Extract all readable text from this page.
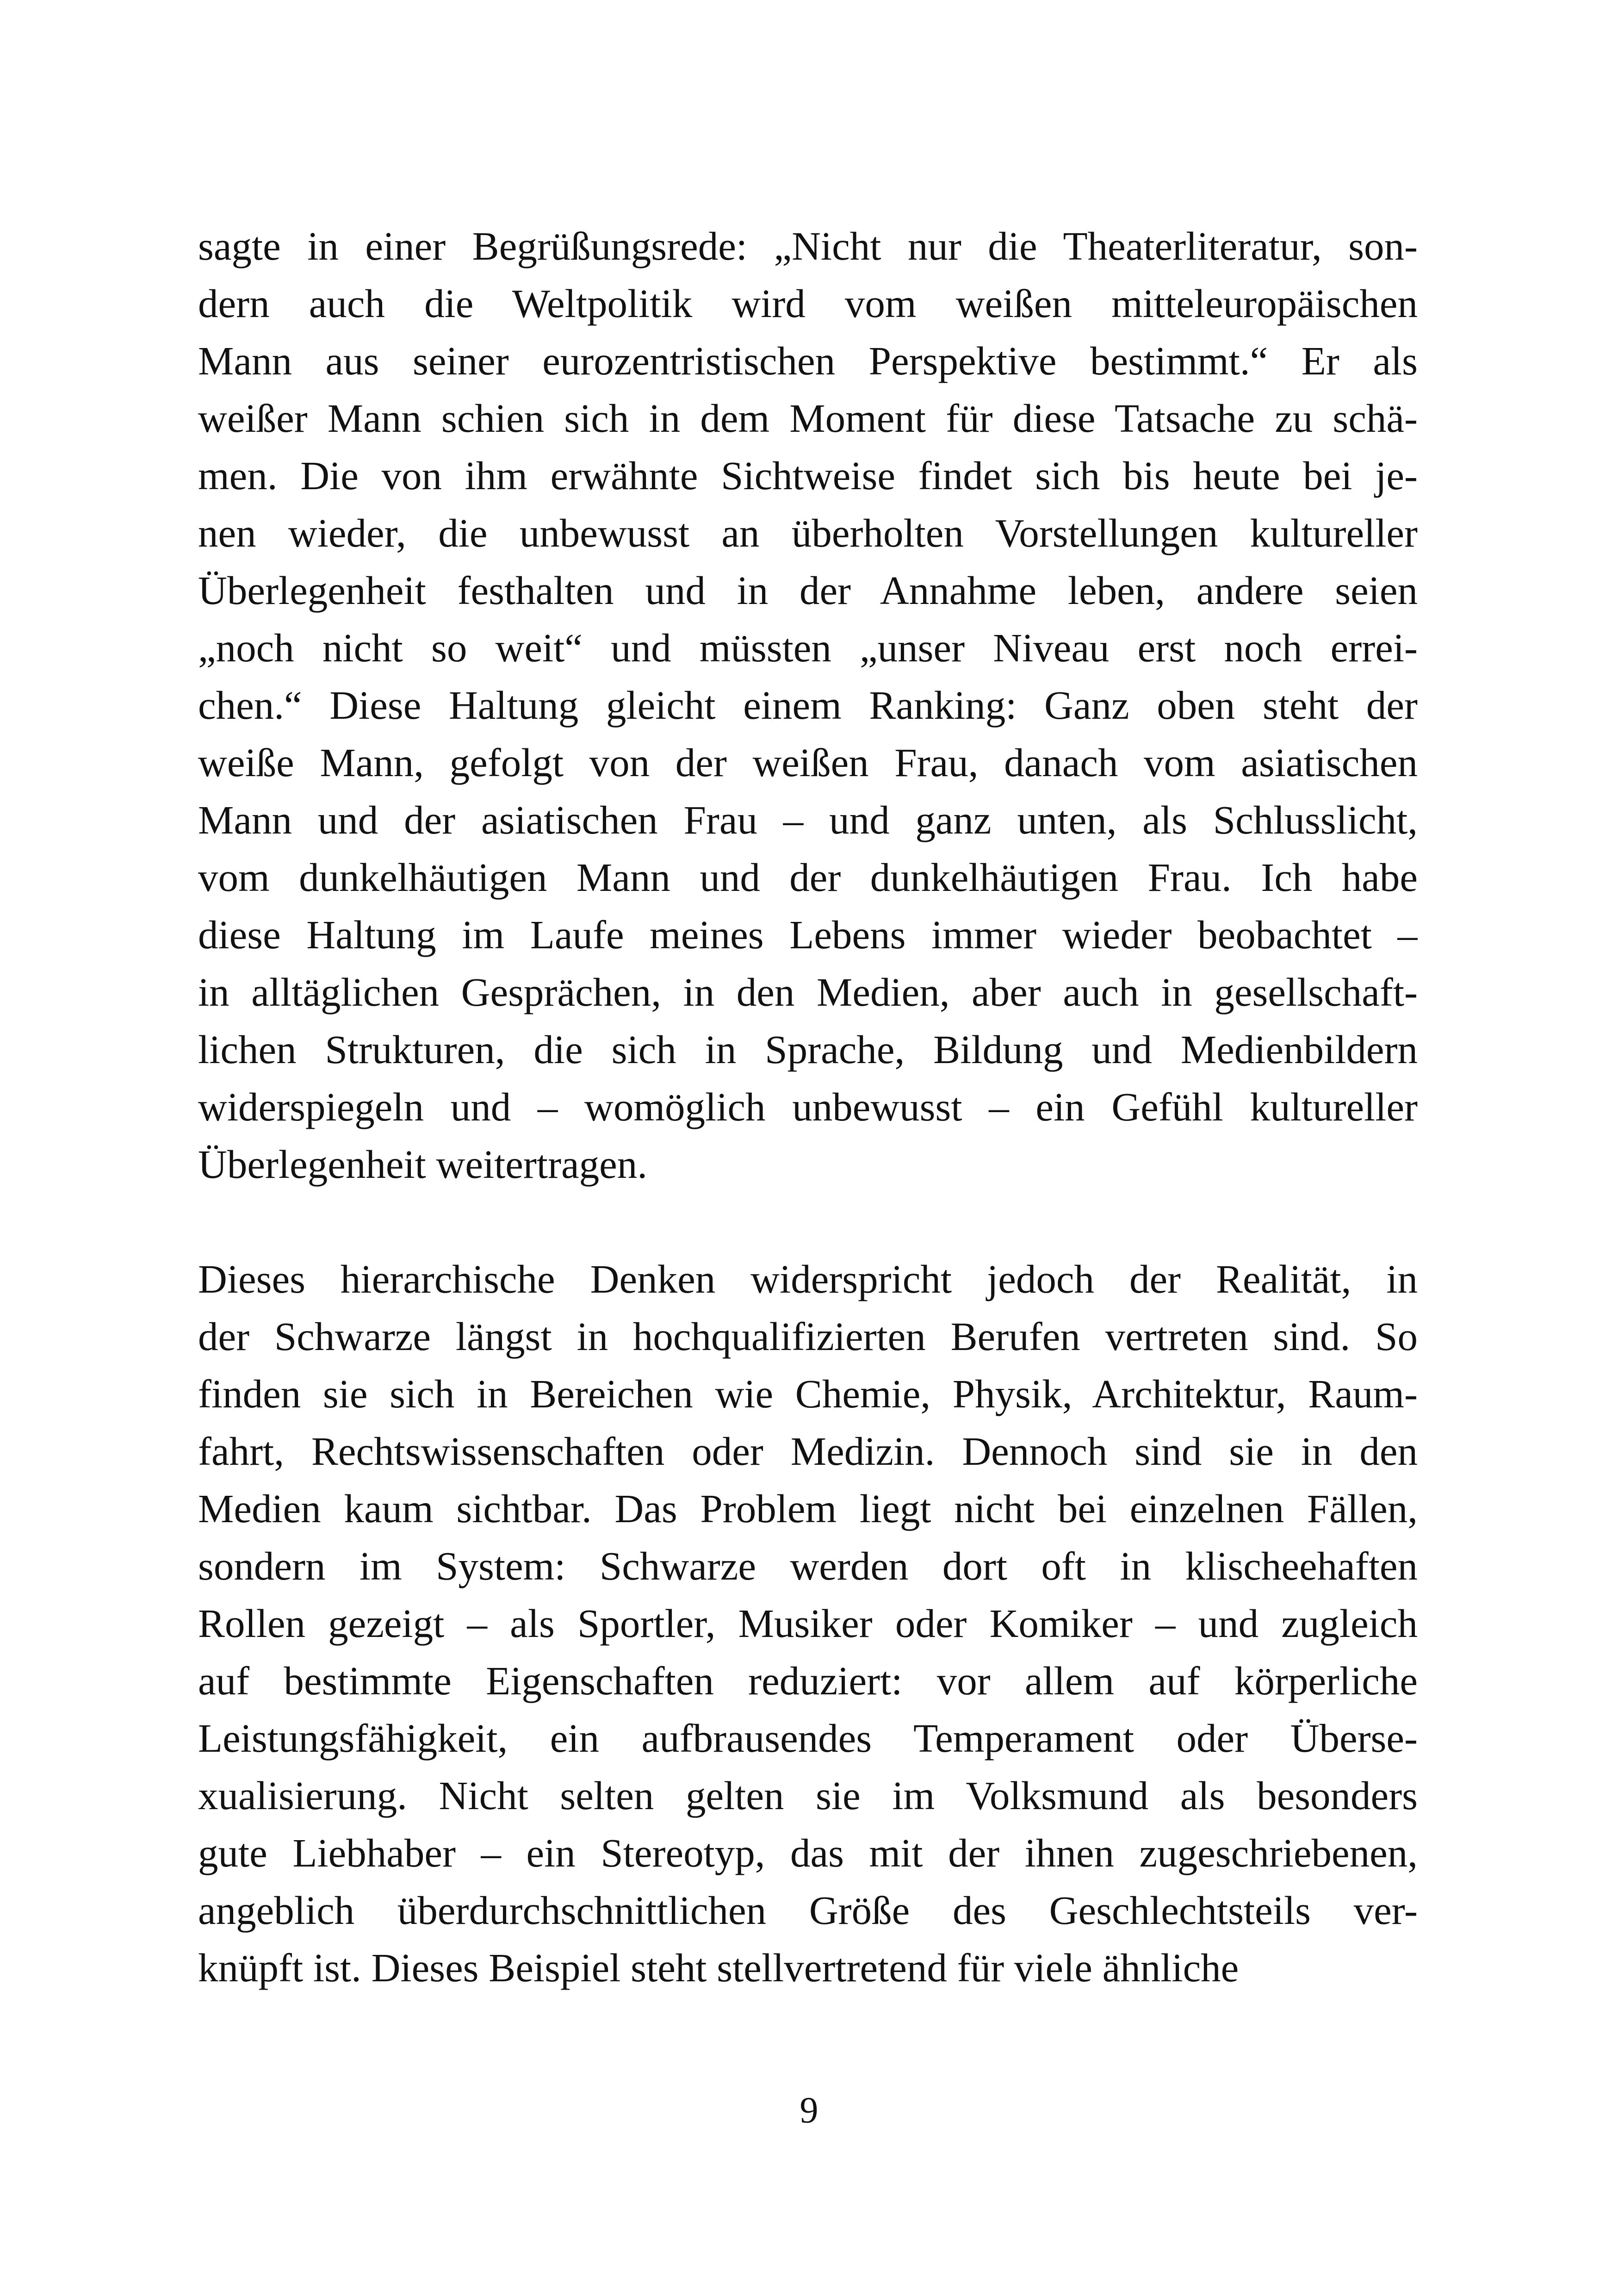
sagte in einer Begrüßungsrede: „Nicht nur die Theaterliteratur, son-
dern auch die Weltpolitik wird vom weißen mitteleuropäischen
Mann aus seiner eurozentristischen Perspektive bestimmt.“ Er als
weißer Mann schien sich in dem Moment für diese Tatsache zu schä-
men. Die von ihm erwähnte Sichtweise findet sich bis heute bei je-
nen wieder, die unbewusst an überholten Vorstellungen kultureller
Überlegenheit festhalten und in der Annahme leben, andere seien
„noch nicht so weit“ und müssten „unser Niveau erst noch errei-
chen.“ Diese Haltung gleicht einem Ranking: Ganz oben steht der
weiße Mann, gefolgt von der weißen Frau, danach vom asiatischen
Mann und der asiatischen Frau – und ganz unten, als Schlusslicht,
vom dunkelhäutigen Mann und der dunkelhäutigen Frau. Ich habe
diese Haltung im Laufe meines Lebens immer wieder beobachtet –
in alltäglichen Gesprächen, in den Medien, aber auch in gesellschaft-
lichen Strukturen, die sich in Sprache, Bildung und Medienbildern
widerspiegeln und – womöglich unbewusst – ein Gefühl kultureller
Überlegenheit weitertragen.
Dieses hierarchische Denken widerspricht jedoch der Realität, in
der Schwarze längst in hochqualifizierten Berufen vertreten sind. So
finden sie sich in Bereichen wie Chemie, Physik, Architektur, Raum-
fahrt, Rechtswissenschaften oder Medizin. Dennoch sind sie in den
Medien kaum sichtbar. Das Problem liegt nicht bei einzelnen Fällen,
sondern im System: Schwarze werden dort oft in klischeehaften
Rollen gezeigt – als Sportler, Musiker oder Komiker – und zugleich
auf bestimmte Eigenschaften reduziert: vor allem auf körperliche
Leistungsfähigkeit, ein aufbrausendes Temperament oder Überse-
xualisierung. Nicht selten gelten sie im Volksmund als besonders
gute Liebhaber – ein Stereotyp, das mit der ihnen zugeschriebenen,
angeblich überdurchschnittlichen Größe des Geschlechtsteils ver-
knüpft ist. Dieses Beispiel steht stellvertretend für viele ähnliche
9
